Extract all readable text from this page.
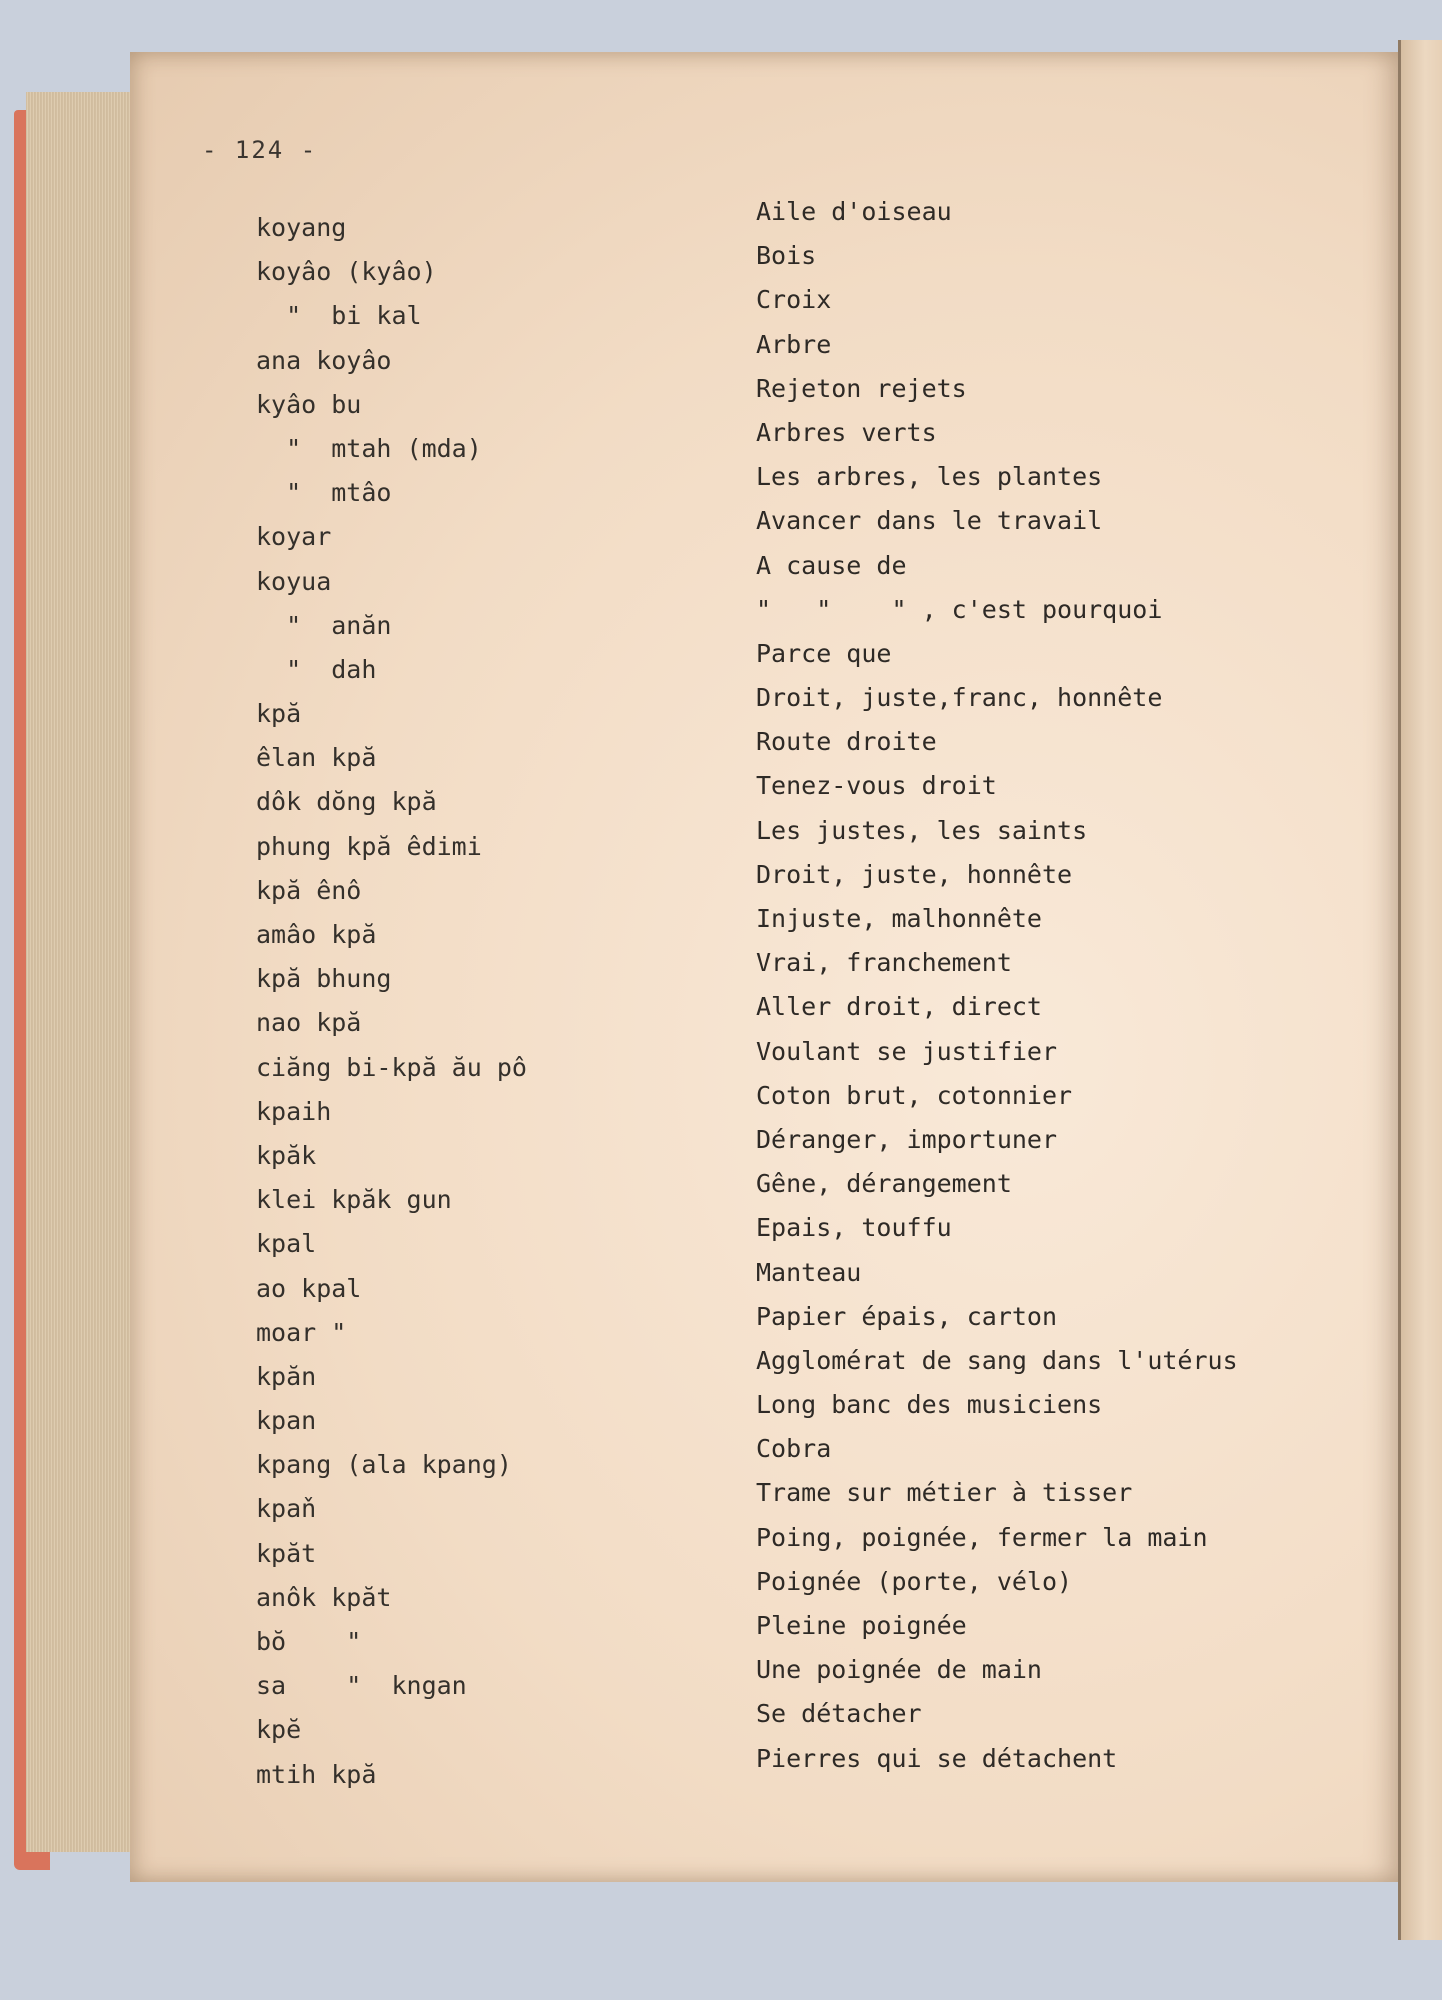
- 124 -
koyang
koyâo (kyâo)
"  bi kal
ana koyâo
kyâo bu
"  mtah (mda)
"  mtâo
koyar
koyua
"  anăn
"  dah
kpă
êlan kpă
dôk dŏng kpă
phung kpă êdimi
kpă ênô
amâo kpă
kpă bhung
nao kpă
ciăng bi-kpă ău pô
kpaih
kpăk
klei kpăk gun
kpal
ao kpal
moar "
kpăn
kpan
kpang (ala kpang)
kpaň
kpăt
anôk kpăt
bŏ    "
sa    "  kngan
kpĕ
mtih kpă
Aile d'oiseau
Bois
Croix
Arbre
Rejeton rejets
Arbres verts
Les arbres, les plantes
Avancer dans le travail
A cause de
"   "    " , c'est pourquoi
Parce que
Droit, juste,franc, honnête
Route droite
Tenez-vous droit
Les justes, les saints
Droit, juste, honnête
Injuste, malhonnête
Vrai, franchement
Aller droit, direct
Voulant se justifier
Coton brut, cotonnier
Déranger, importuner
Gêne, dérangement
Epais, touffu
Manteau
Papier épais, carton
Agglomérat de sang dans l'utérus
Long banc des musiciens
Cobra
Trame sur métier à tisser
Poing, poignée, fermer la main
Poignée (porte, vélo)
Pleine poignée
Une poignée de main
Se détacher
Pierres qui se détachent
